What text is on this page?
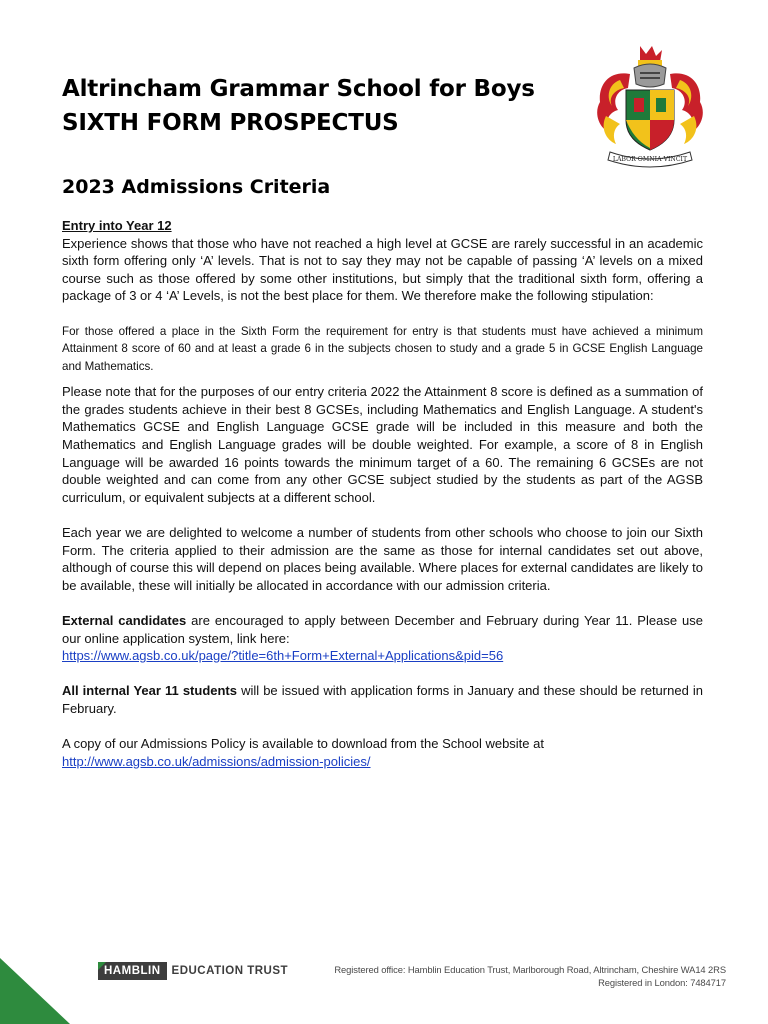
Altrincham Grammar School for Boys
SIXTH FORM PROSPECTUS
LABOR·OMNIA·VINCIT
2023 Admissions Criteria

Entry into Year 12

Experience shows that those who have not reached a high level at GCSE are rarely successful in an academic sixth form offering only ‘A’ levels. That is not to say they may not be capable of passing ‘A’ levels on a mixed course such as those offered by some other institutions, but simply that the traditional sixth form, offering a package of 3 or 4 ‘A’ Levels, is not the best place for them. We therefore make the following stipulation:

For those offered a place in the Sixth Form the requirement for entry is that students must have achieved a minimum Attainment 8 score of 60 and at least a grade 6 in the subjects chosen to study and a grade 5 in GCSE English Language and Mathematics.

Please note that for the purposes of our entry criteria 2022 the Attainment 8 score is defined as a summation of the grades students achieve in their best 8 GCSEs, including Mathematics and English Language. A student's Mathematics GCSE and English Language GCSE grade will be included in this measure and both the Mathematics and English Language grades will be double weighted. For example, a score of 8 in English Language will be awarded 16 points towards the minimum target of a 60. The remaining 6 GCSEs are not double weighted and can come from any other GCSE subject studied by the students as part of the AGSB curriculum, or equivalent subjects at a different school.

Each year we are delighted to welcome a number of students from other schools who choose to join our Sixth Form. The criteria applied to their admission are the same as those for internal candidates set out above, although of course this will depend on places being available. Where places for external candidates are likely to be available, these will initially be allocated in accordance with our admission criteria.

External candidates are encouraged to apply between December and February during Year 11. Please use our online application system, link here:
https://www.agsb.co.uk/page/?title=6th+Form+External+Applications&pid=56

All internal Year 11 students will be issued with application forms in January and these should be returned in February.

A copy of our Admissions Policy is available to download from the School website at
http://www.agsb.co.uk/admissions/admission-policies/

HAMBLIN EDUCATION TRUST	Registered office: Hamblin Education Trust, Marlborough Road, Altrincham, Cheshire WA14 2RS
Registered in London: 7484717
